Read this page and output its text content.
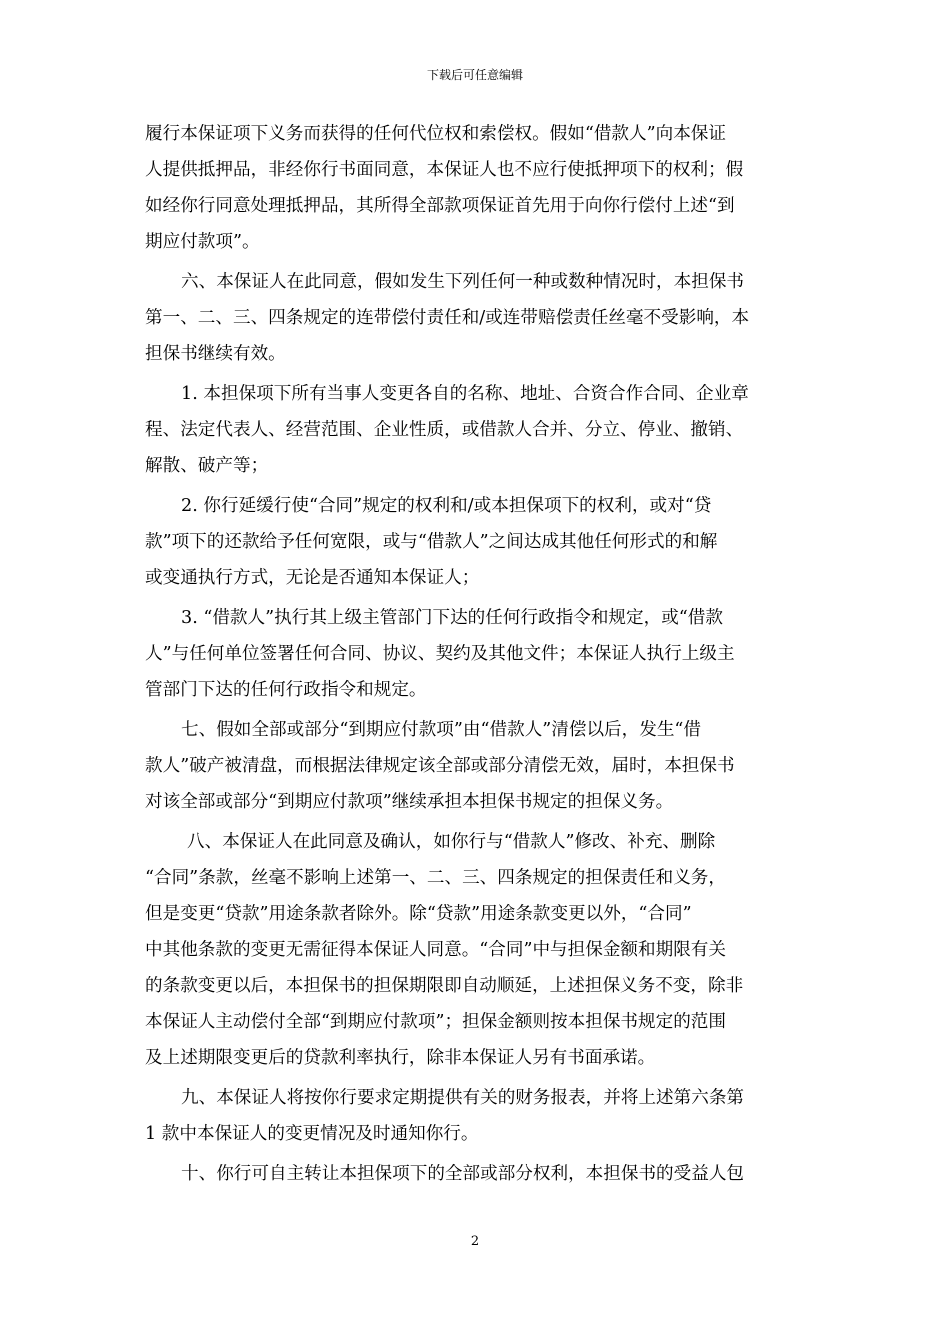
下载后可任意编辑
履行本保证项下义务而获得的任何代位权和索偿权。假如“借款人”向本保证
人提供抵押品，非经你行书面同意，本保证人也不应行使抵押项下的权利；假
如经你行同意处理抵押品，其所得全部款项保证首先用于向你行偿付上述“到
期应付款项”。
六、本保证人在此同意，假如发生下列任何一种或数种情况时，本担保书
第一、二、三、四条规定的连带偿付责任和/或连带赔偿责任丝毫不受影响，本
担保书继续有效。
1. 本担保项下所有当事人变更各自的名称、地址、合资合作合同、企业章
程、法定代表人、经营范围、企业性质，或借款人合并、分立、停业、撤销、
解散、破产等；
2. 你行延缓行使“合同”规定的权利和/或本担保项下的权利，或对“贷
款”项下的还款给予任何宽限，或与“借款人”之间达成其他任何形式的和解
或变通执行方式，无论是否通知本保证人；
3. “借款人”执行其上级主管部门下达的任何行政指令和规定，或“借款
人”与任何单位签署任何合同、协议、契约及其他文件；本保证人执行上级主
管部门下达的任何行政指令和规定。
七、假如全部或部分“到期应付款项”由“借款人”清偿以后，发生“借
款人”破产被清盘，而根据法律规定该全部或部分清偿无效，届时，本担保书
对该全部或部分“到期应付款项”继续承担本担保书规定的担保义务。
八、本保证人在此同意及确认，如你行与“借款人”修改、补充、删除
“合同”条款，丝毫不影响上述第一、二、三、四条规定的担保责任和义务，
但是变更“贷款”用途条款者除外。除“贷款”用途条款变更以外，“合同”
中其他条款的变更无需征得本保证人同意。“合同”中与担保金额和期限有关
的条款变更以后，本担保书的担保期限即自动顺延，上述担保义务不变，除非
本保证人主动偿付全部“到期应付款项”；担保金额则按本担保书规定的范围
及上述期限变更后的贷款利率执行，除非本保证人另有书面承诺。
九、本保证人将按你行要求定期提供有关的财务报表，并将上述第六条第
1 款中本保证人的变更情况及时通知你行。
十、你行可自主转让本担保项下的全部或部分权利，本担保书的受益人包
2
